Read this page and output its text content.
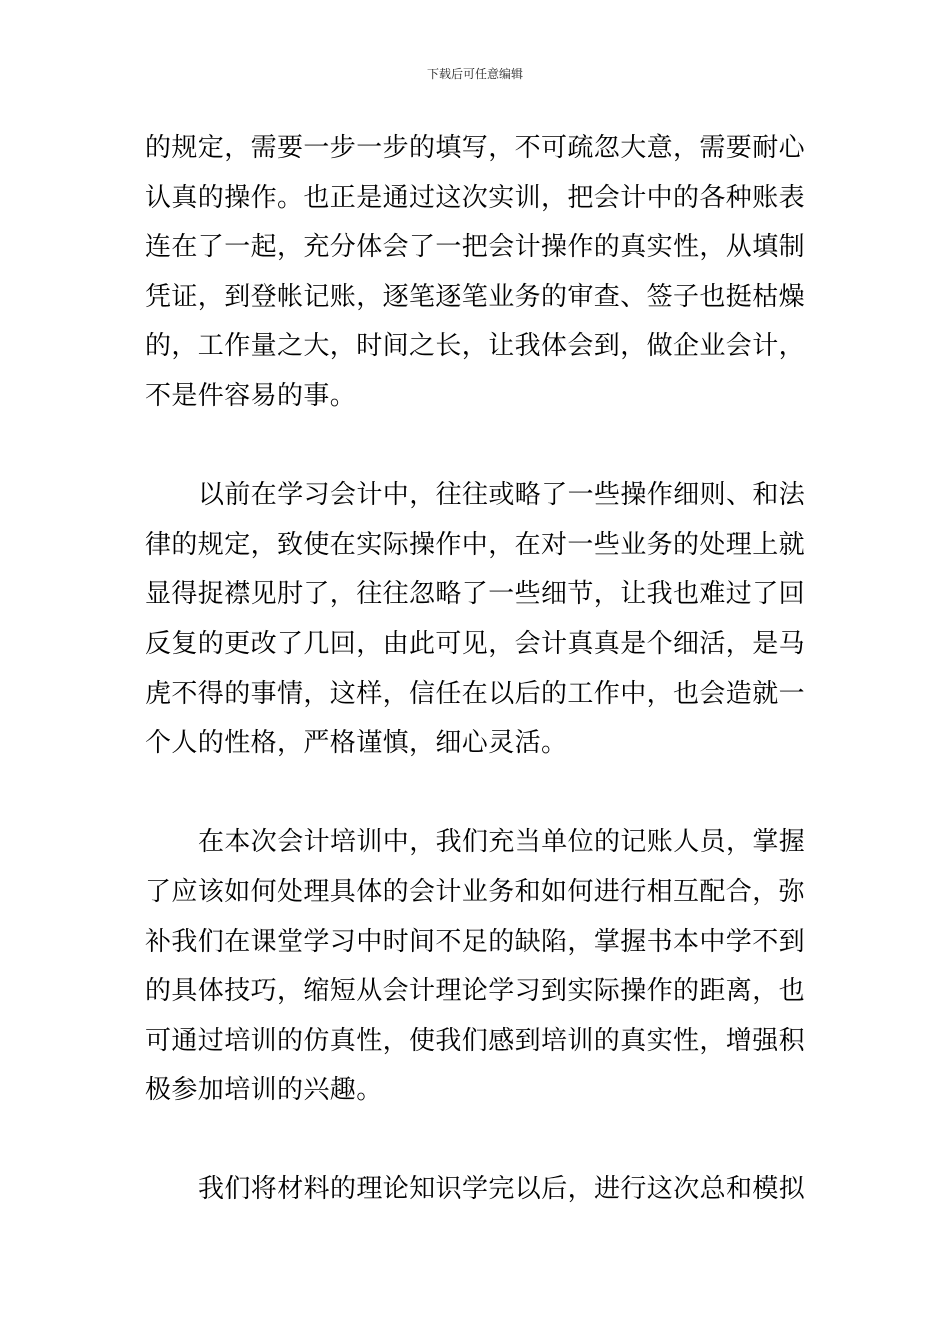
下载后可任意编辑
的规定，需要一步一步的填写，不可疏忽大意，需要耐心
认真的操作。也正是通过这次实训，把会计中的各种账表
连在了一起，充分体会了一把会计操作的真实性，从填制
凭证，到登帐记账，逐笔逐笔业务的审查、签子也挺枯燥
的，工作量之大，时间之长，让我体会到，做企业会计，
不是件容易的事。
以前在学习会计中，往往或略了一些操作细则、和法
律的规定，致使在实际操作中，在对一些业务的处理上就
显得捉襟见肘了，往往忽略了一些细节，让我也难过了回
反复的更改了几回，由此可见，会计真真是个细活，是马
虎不得的事情，这样，信任在以后的工作中，也会造就一
个人的性格，严格谨慎，细心灵活。
在本次会计培训中，我们充当单位的记账人员，掌握
了应该如何处理具体的会计业务和如何进行相互配合，弥
补我们在课堂学习中时间不足的缺陷，掌握书本中学不到
的具体技巧，缩短从会计理论学习到实际操作的距离，也
可通过培训的仿真性，使我们感到培训的真实性，增强积
极参加培训的兴趣。
我们将材料的理论知识学完以后，进行这次总和模拟
